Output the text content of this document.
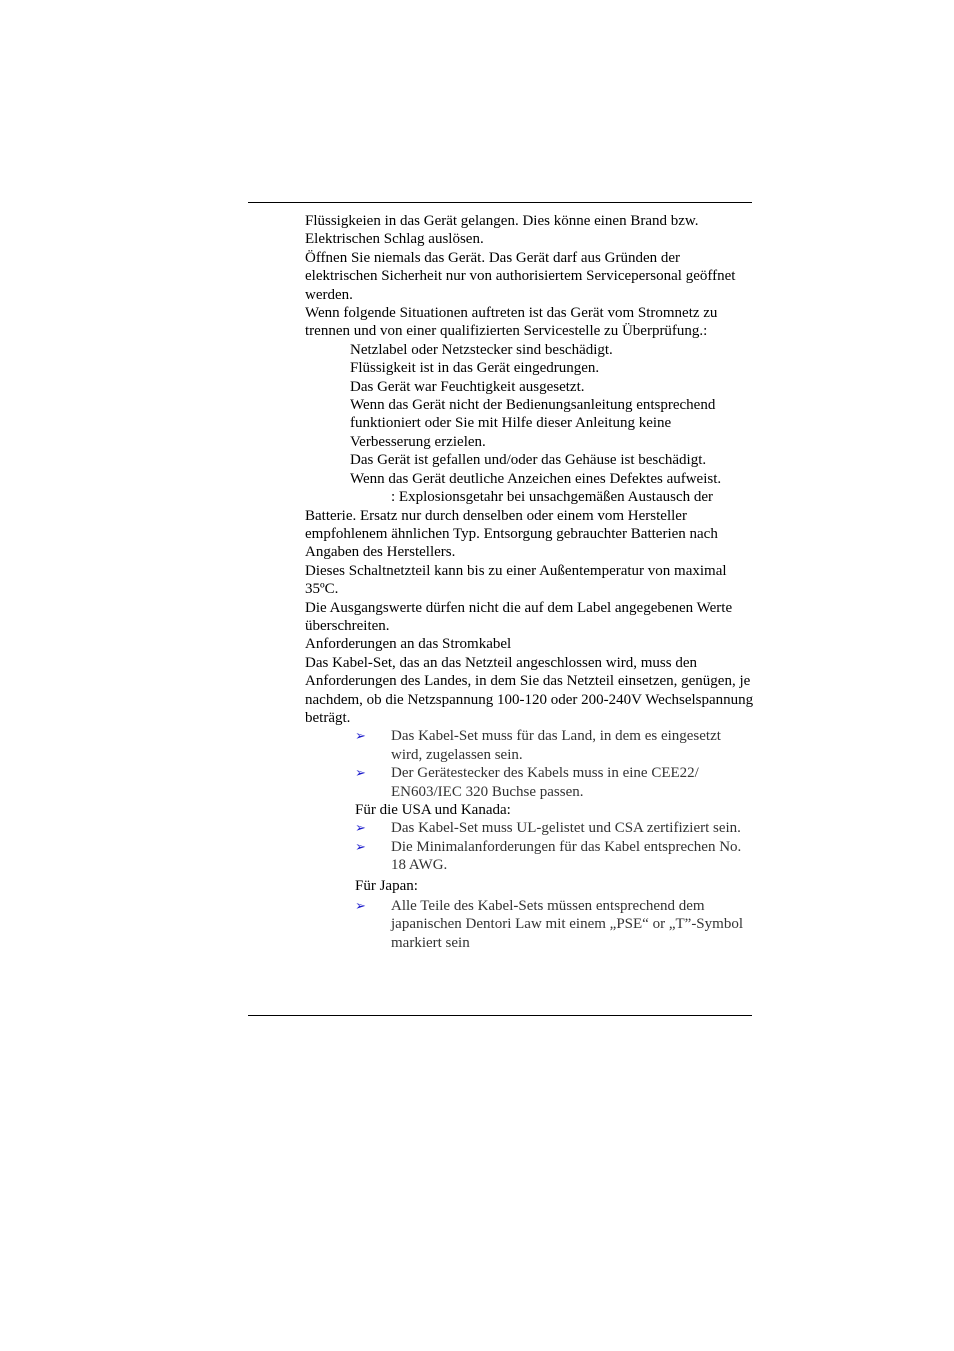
Flüssigkeien in das Gerät gelangen. Dies könne einen Brand bzw. Elektrischen Schlag auslösen.

Öffnen Sie niemals das Gerät. Das Gerät darf aus Gründen der elektrischen Sicherheit nur von authorisiertem Servicepersonal geöffnet werden.

Wenn folgende Situationen auftreten ist das Gerät vom Stromnetz zu trennen und von einer qualifizierten Servicestelle zu Überprüfung.:

Netzlabel oder Netzstecker sind beschädigt.

Flüssigkeit ist in das Gerät eingedrungen.

Das Gerät war Feuchtigkeit ausgesetzt.

Wenn das Gerät nicht der Bedienungsanleitung entsprechend funktioniert oder Sie mit Hilfe dieser Anleitung keine Verbesserung erzielen.

Das Gerät ist gefallen und/oder das Gehäuse ist beschädigt.

Wenn das Gerät deutliche Anzeichen eines Defektes aufweist.

: Explosionsgetahr bei unsachgemäßen Austausch der

Batterie. Ersatz nur durch denselben oder einem vom Hersteller empfohlenem ähnlichen Typ. Entsorgung gebrauchter Batterien nach Angaben des Herstellers.

Dieses Schaltnetzteil kann bis zu einer Außentemperatur von maximal 35ºC.

Die Ausgangswerte dürfen nicht die auf dem Label angegebenen Werte überschreiten.

Anforderungen an das Stromkabel

Das Kabel-Set, das an das Netzteil angeschlossen wird, muss den Anforderungen des Landes, in dem Sie das Netzteil einsetzen, genügen, je nachdem, ob die Netzspannung 100-120 oder 200-240V Wechselspannung beträgt.

➢ Das Kabel-Set muss für das Land, in dem es eingesetzt wird, zugelassen sein.
➢ Der Gerätestecker des Kabels muss in eine CEE22/ EN603/IEC 320 Buchse passen.

Für die USA und Kanada:

➢ Das Kabel-Set muss UL-gelistet und CSA zertifiziert sein.
➢ Die Minimalanforderungen für das Kabel entsprechen No. 18 AWG.

Für Japan:

➢ Alle Teile des Kabel-Sets müssen entsprechend dem japanischen Dentori Law mit einem „PSE“ or „T”-Symbol markiert sein
